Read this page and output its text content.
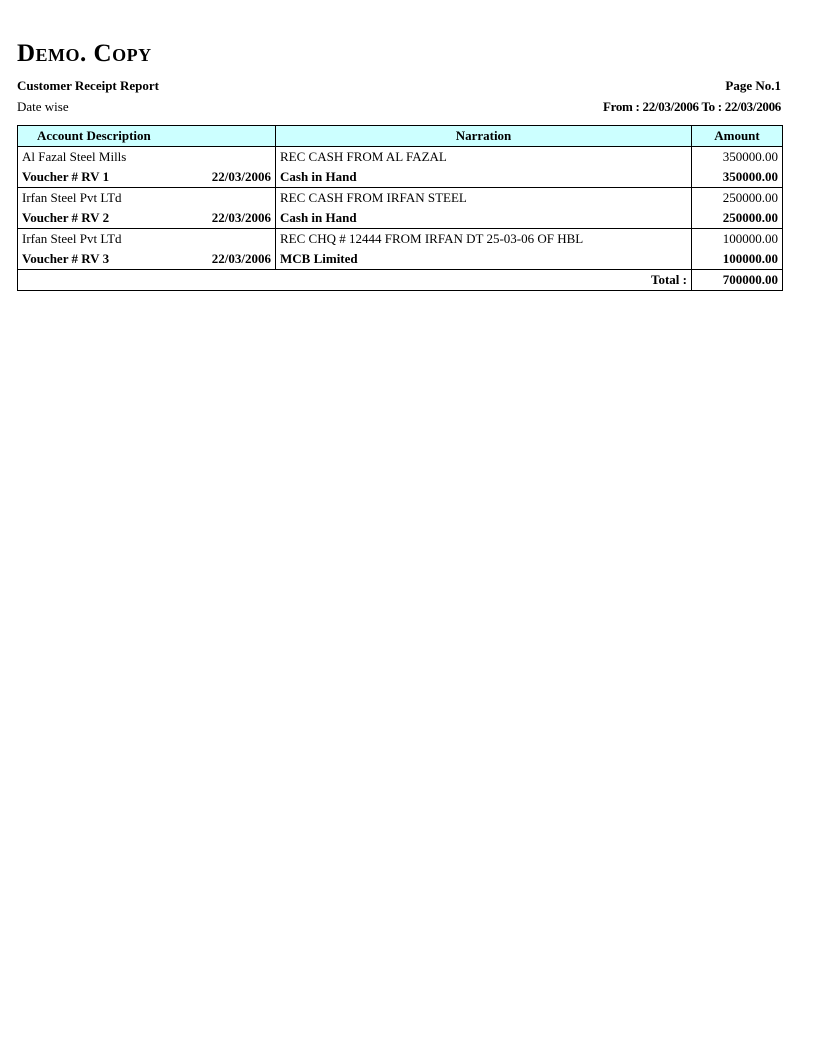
Demo. Copy
Customer Receipt Report
Date wise
Page No.1
From : 22/03/2006 To : 22/03/2006
Account Description	Narration	Amount
Al Fazal Steel Mills	REC CASH FROM AL FAZAL	350000.00

Voucher # RV 1 22/03/2006	Cash in Hand	350000.00
Irfan Steel Pvt LTd	REC CASH FROM IRFAN STEEL	250000.00

Voucher # RV 2 22/03/2006	Cash in Hand	250000.00
Irfan Steel Pvt LTd	REC CHQ # 12444 FROM IRFAN DT 25-03-06 OF HBL	100000.00

Voucher # RV 3 22/03/2006	MCB Limited	100000.00
Total :		700000.00
